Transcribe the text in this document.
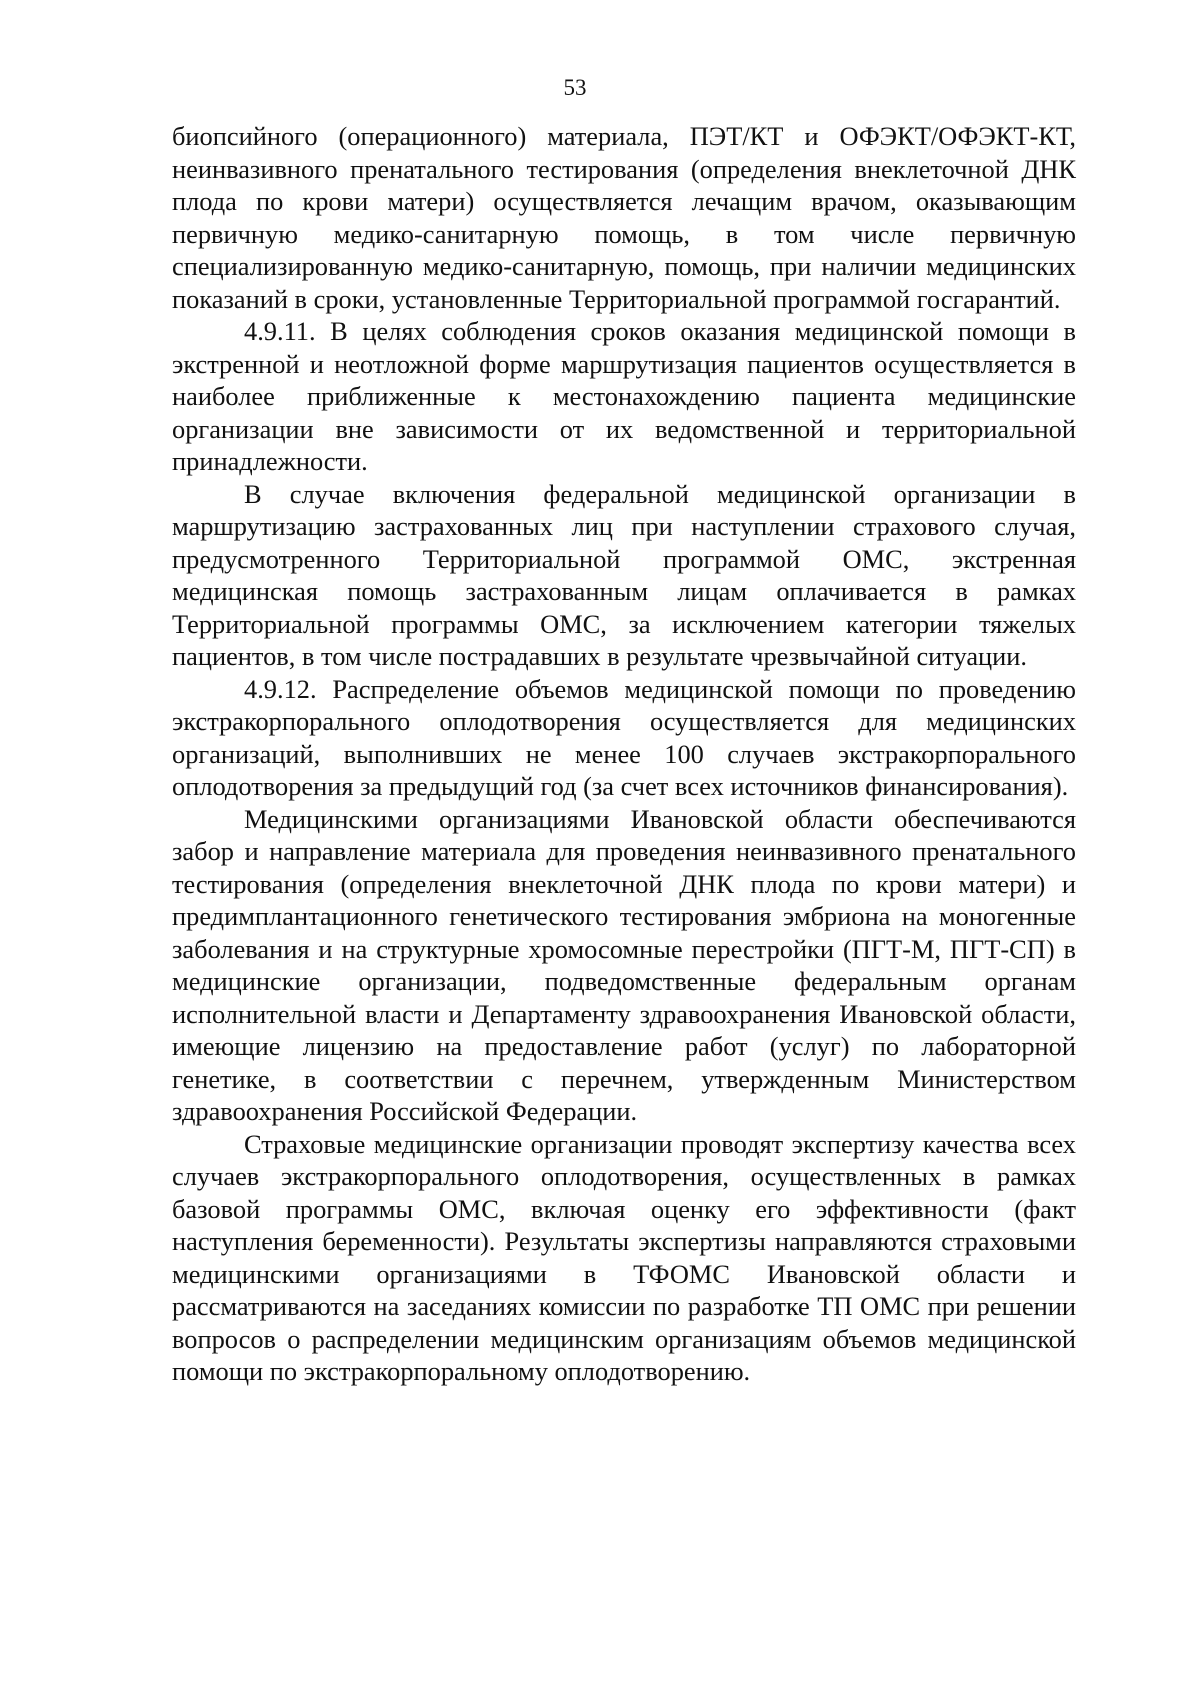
53

биопсийного (операционного) материала, ПЭТ/КТ и ОФЭКТ/ОФЭКТ-КТ, неинвазивного пренатального тестирования (определения внеклеточной ДНК плода по крови матери) осуществляется лечащим врачом, оказывающим первичную медико-санитарную помощь, в том числе первичную специализированную медико-санитарную, помощь, при наличии медицинских показаний в сроки, установленные Территориальной программой госгарантий.

4.9.11. В целях соблюдения сроков оказания медицинской помощи в экстренной и неотложной форме маршрутизация пациентов осуществляется в наиболее приближенные к местонахождению пациента медицинские организации вне зависимости от их ведомственной и территориальной принадлежности.

В случае включения федеральной медицинской организации в маршрутизацию застрахованных лиц при наступлении страхового случая, предусмотренного Территориальной программой ОМС, экстренная медицинская помощь застрахованным лицам оплачивается в рамках Территориальной программы ОМС, за исключением категории тяжелых пациентов, в том числе пострадавших в результате чрезвычайной ситуации.

4.9.12. Распределение объемов медицинской помощи по проведению экстракорпорального оплодотворения осуществляется для медицинских организаций, выполнивших не менее 100 случаев экстракорпорального оплодотворения за предыдущий год (за счет всех источников финансирования).

Медицинскими организациями Ивановской области обеспечиваются забор и направление материала для проведения неинвазивного пренатального тестирования (определения внеклеточной ДНК плода по крови матери) и предимплантационного генетического тестирования эмбриона на моногенные заболевания и на структурные хромосомные перестройки (ПГТ-М, ПГТ-СП) в медицинские организации, подведомственные федеральным органам исполнительной власти и Департаменту здравоохранения Ивановской области, имеющие лицензию на предоставление работ (услуг) по лабораторной генетике, в соответствии с перечнем, утвержденным Министерством здравоохранения Российской Федерации.

Страховые медицинские организации проводят экспертизу качества всех случаев экстракорпорального оплодотворения, осуществленных в рамках базовой программы ОМС, включая оценку его эффективности (факт наступления беременности). Результаты экспертизы направляются страховыми медицинскими организациями в ТФОМС Ивановской области и рассматриваются на заседаниях комиссии по разработке ТП ОМС при решении вопросов о распределении медицинским организациям объемов медицинской помощи по экстракорпоральному оплодотворению.
